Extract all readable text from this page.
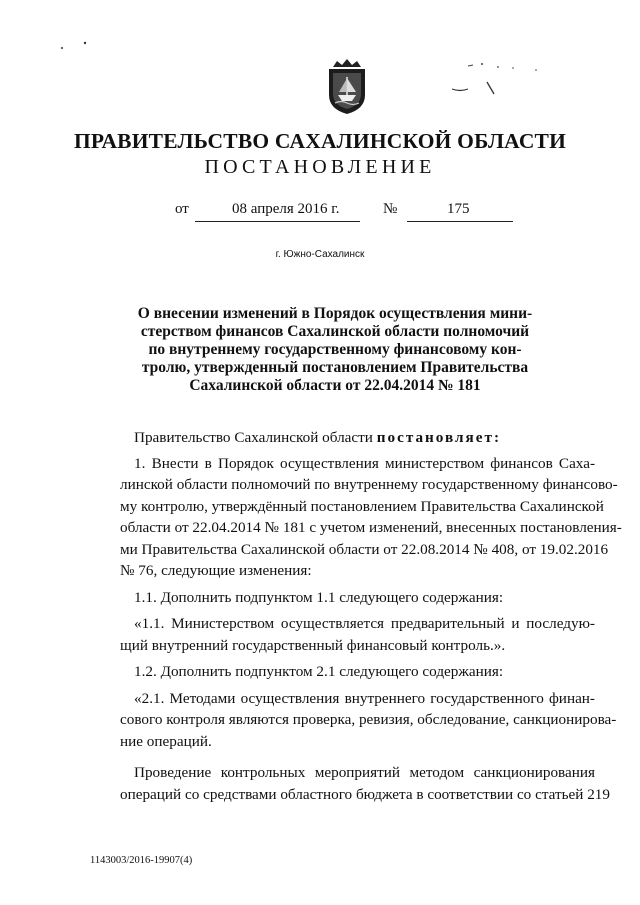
ПРАВИТЕЛЬСТВО САХАЛИНСКОЙ ОБЛАСТИ
ПОСТАНОВЛЕНИЕ
от	08 апреля 2016 г.	№	175
г. Южно-Сахалинск
О внесении изменений в Порядок осуществления мини-
стерством финансов Сахалинской области полномочий
по внутреннему государственному финансовому кон-
тролю, утвержденный постановлением Правительства
Сахалинской области от 22.04.2014 № 181
Правительство Сахалинской области постановляет:
1. Внести в Порядок осуществления министерством финансов Саха-
линской области полномочий по внутреннему государственному финансово-
му контролю, утверждённый постановлением Правительства Сахалинской
области от 22.04.2014 № 181 с учетом изменений, внесенных постановления-
ми Правительства Сахалинской области от 22.08.2014 № 408, от 19.02.2016
№ 76, следующие изменения:
1.1. Дополнить подпунктом 1.1 следующего содержания:
«1.1. Министерством осуществляется предварительный и последую-
щий внутренний государственный финансовый контроль.».
1.2. Дополнить подпунктом 2.1 следующего содержания:
«2.1. Методами осуществления внутреннего государственного финан-
сового контроля являются проверка, ревизия, обследование, санкционирова-
ние операций.
Проведение контрольных мероприятий методом санкционирования
операций со средствами областного бюджета в соответствии со статьей 219
1143003/2016-19907(4)
